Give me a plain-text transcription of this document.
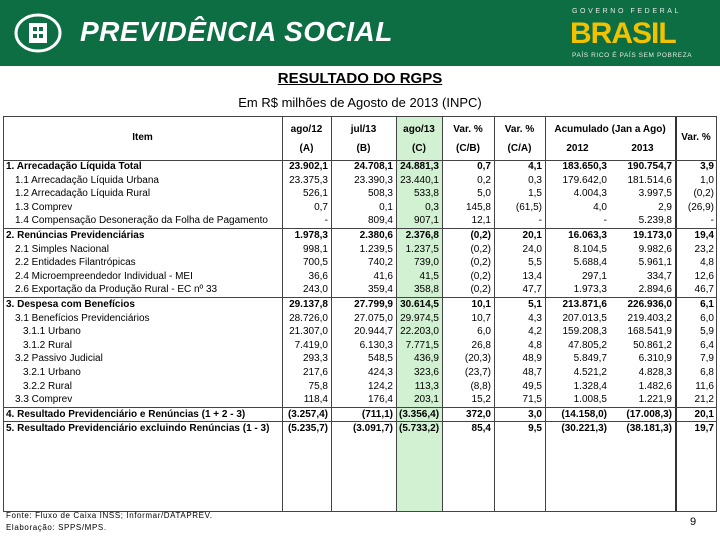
PREVIDÊNCIA SOCIAL
GOVERNO FEDERAL
BRASIL
PAÍS RICO É PAÍS SEM POBREZA
RESULTADO DO RGPS
Em R$ milhões de Agosto de 2013 (INPC)
Item	ago/12	jul/13	ago/13	Var. %	Var. %	Acumulado (Jan a Ago)		Var. %
	(A)	(B)	(C)	(C/B)	(C/A)	2012	2013	
1. Arrecadação Líquida Total	23.902,1	24.708,1	24.881,3	0,7	4,1	183.650,3	190.754,7	3,9
1.1 Arrecadação Líquida Urbana	23.375,3	23.390,3	23.440,1	0,2	0,3	179.642,0	181.514,6	1,0
1.2 Arrecadação Líquida Rural	526,1	508,3	533,8	5,0	1,5	4.004,3	3.997,5	(0,2)
1.3 Comprev	0,7	0,1	0,3	145,8	(61,5)	4,0	2,9	(26,9)
1.4 Compensação Desoneração da Folha de Pagamento	-	809,4	907,1	12,1	-	-	5.239,8	-
2. Renúncias Previdenciárias	1.978,3	2.380,6	2.376,8	(0,2)	20,1	16.063,3	19.173,0	19,4
2.1 Simples Nacional	998,1	1.239,5	1.237,5	(0,2)	24,0	8.104,5	9.982,6	23,2
2.2 Entidades Filantrópicas	700,5	740,2	739,0	(0,2)	5,5	5.688,4	5.961,1	4,8
2.4 Microempreendedor Individual - MEI	36,6	41,6	41,5	(0,2)	13,4	297,1	334,7	12,6
2.6 Exportação da Produção Rural - EC nº 33	243,0	359,4	358,8	(0,2)	47,7	1.973,3	2.894,6	46,7
3. Despesa com Benefícios	29.137,8	27.799,9	30.614,5	10,1	5,1	213.871,6	226.936,0	6,1
3.1 Benefícios Previdenciários	28.726,0	27.075,0	29.974,5	10,7	4,3	207.013,5	219.403,2	6,0
3.1.1 Urbano	21.307,0	20.944,7	22.203,0	6,0	4,2	159.208,3	168.541,9	5,9
3.1.2 Rural	7.419,0	6.130,3	7.771,5	26,8	4,8	47.805,2	50.861,2	6,4
3.2 Passivo Judicial	293,3	548,5	436,9	(20,3)	48,9	5.849,7	6.310,9	7,9
3.2.1 Urbano	217,6	424,3	323,6	(23,7)	48,7	4.521,2	4.828,3	6,8
3.2.2 Rural	75,8	124,2	113,3	(8,8)	49,5	1.328,4	1.482,6	11,6
3.3 Comprev	118,4	176,4	203,1	15,2	71,5	1.008,5	1.221,9	21,2
4. Resultado Previdenciário e Renúncias (1 + 2 - 3)	(3.257,4)	(711,1)	(3.356,4)	372,0	3,0	(14.158,0)	(17.008,3)	20,1
5. Resultado Previdenciário excluindo Renúncias (1 - 3)	(5.235,7)	(3.091,7)	(5.733,2)	85,4	9,5	(30.221,3)	(38.181,3)	19,7
Fonte: Fluxo de Caixa INSS; Informar/DATAPREV.
Elaboração: SPPS/MPS.	9
